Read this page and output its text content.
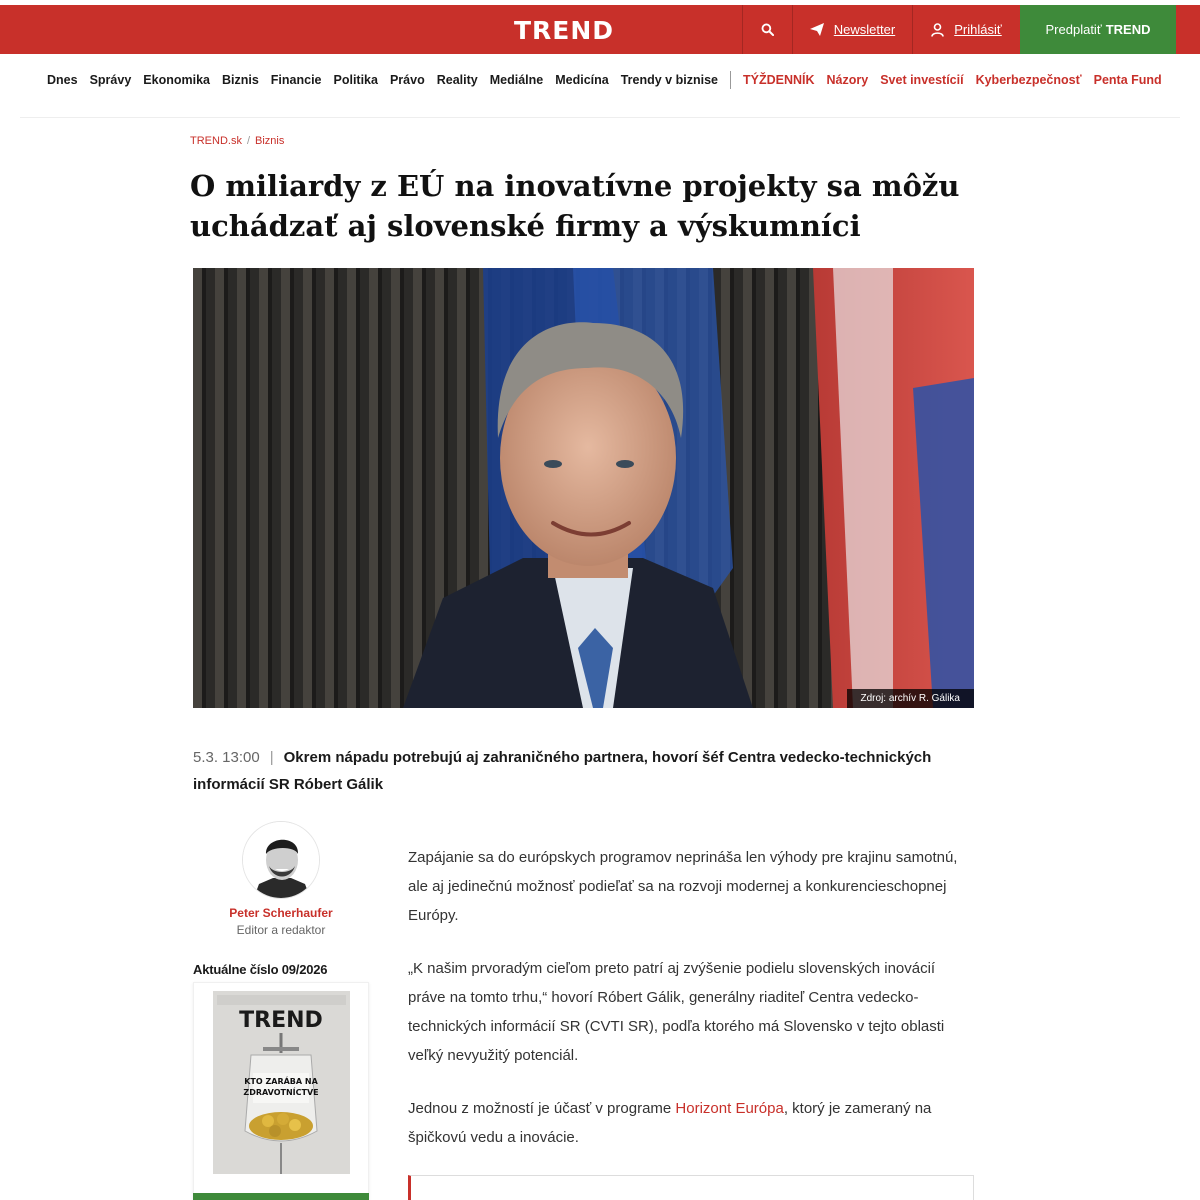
TREND	Newsletter	Prihlásiť	Predplatiť TREND
Dnes Správy Ekonomika Biznis Financie Politika Právo Reality Mediálne Medicína Trendy v biznise TÝŽDENNÍK Názory Svet investícií Kyberbezpečnosť Penta Fund
TREND.sk / Biznis
O miliardy z EÚ na inovatívne projekty sa môžu uchádzať aj slovenské firmy a výskumníci
Zdroj: archív R. Gálika
5.3. 13:00 | Okrem nápadu potrebujú aj zahraničného partnera, hovorí šéf Centra vedecko-technických informácií SR Róbert Gálik
Peter Scherhaufer
Editor a redaktor
Aktuálne číslo 09/2026
TREND
KTO ZARÁBA NA
ZDRAVOTNÍCTVE

Zapájanie sa do európskych programov neprináša len výhody pre krajinu samotnú, ale aj jedinečnú možnosť podieľať sa na rozvoji modernej a konkurencieschopnej Európy.

„K našim prvoradým cieľom preto patrí aj zvýšenie podielu slovenských inovácií práve na tomto trhu,“ hovorí Róbert Gálik, generálny riaditeľ Centra vedecko-technických informácií SR (CVTI SR), podľa ktorého má Slovensko v tejto oblasti veľký nevyužitý potenciál.

Jednou z možností je účasť v programe Horizont Európa, ktorý je zameraný na špičkovú vedu a inovácie.
